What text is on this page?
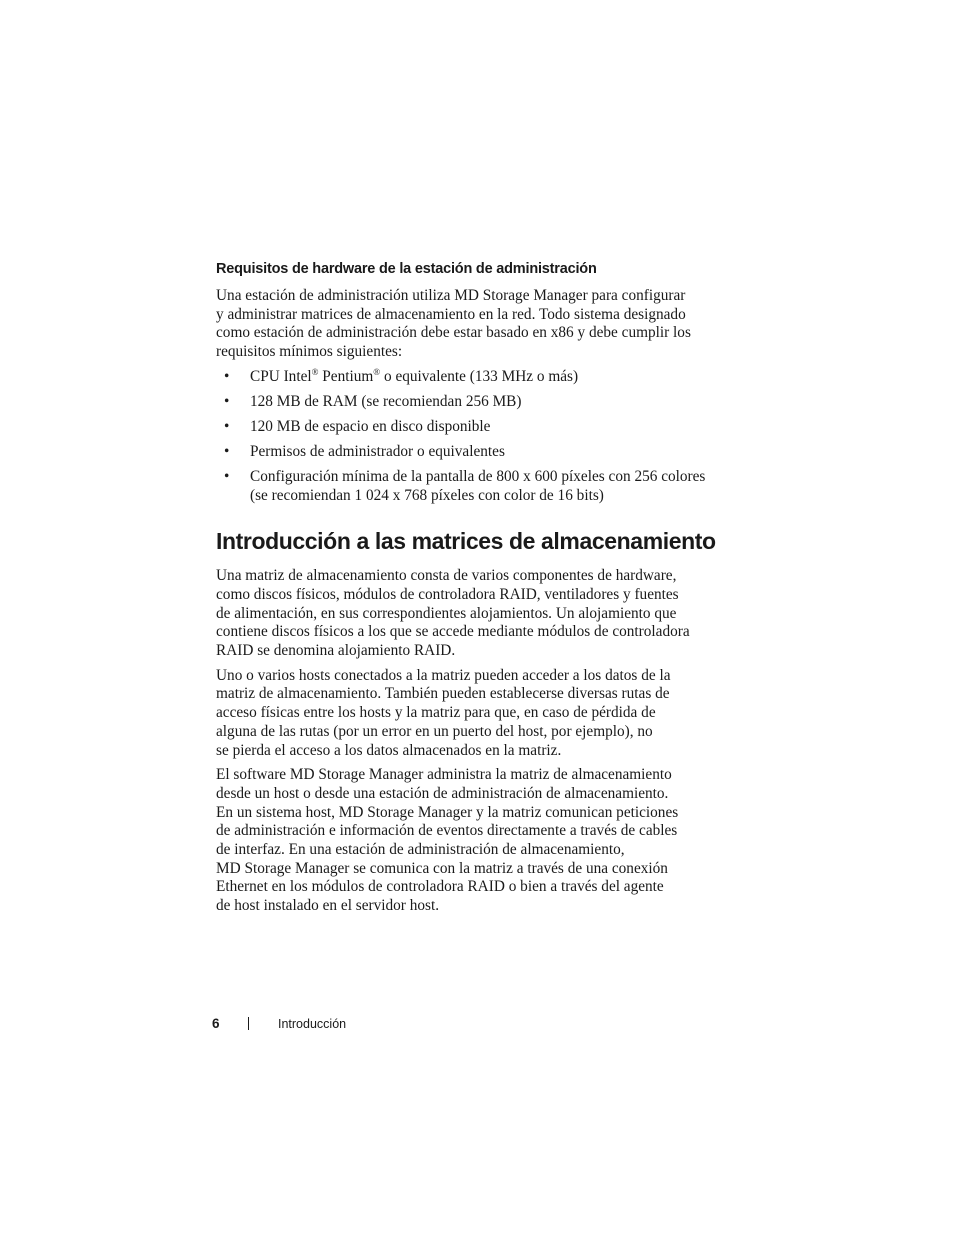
Requisitos de hardware de la estación de administración

Una estación de administración utiliza MD Storage Manager para configurar
y administrar matrices de almacenamiento en la red. Todo sistema designado
como estación de administración debe estar basado en x86 y debe cumplir los
requisitos mínimos siguientes:

• CPU Intel® Pentium® o equivalente (133 MHz o más)
• 128 MB de RAM (se recomiendan 256 MB)
• 120 MB de espacio en disco disponible
• Permisos de administrador o equivalentes
• Configuración mínima de la pantalla de 800 x 600 píxeles con 256 colores
(se recomiendan 1 024 x 768 píxeles con color de 16 bits)
Introducción a las matrices de almacenamiento

Una matriz de almacenamiento consta de varios componentes de hardware,
como discos físicos, módulos de controladora RAID, ventiladores y fuentes
de alimentación, en sus correspondientes alojamientos. Un alojamiento que
contiene discos físicos a los que se accede mediante módulos de controladora
RAID se denomina alojamiento RAID.

Uno o varios hosts conectados a la matriz pueden acceder a los datos de la
matriz de almacenamiento. También pueden establecerse diversas rutas de
acceso físicas entre los hosts y la matriz para que, en caso de pérdida de
alguna de las rutas (por un error en un puerto del host, por ejemplo), no
se pierda el acceso a los datos almacenados en la matriz.

El software MD Storage Manager administra la matriz de almacenamiento
desde un host o desde una estación de administración de almacenamiento.
En un sistema host, MD Storage Manager y la matriz comunican peticiones
de administración e información de eventos directamente a través de cables
de interfaz. En una estación de administración de almacenamiento,
MD Storage Manager se comunica con la matriz a través de una conexión
Ethernet en los módulos de controladora RAID o bien a través del agente
de host instalado en el servidor host.

6	Introducción
